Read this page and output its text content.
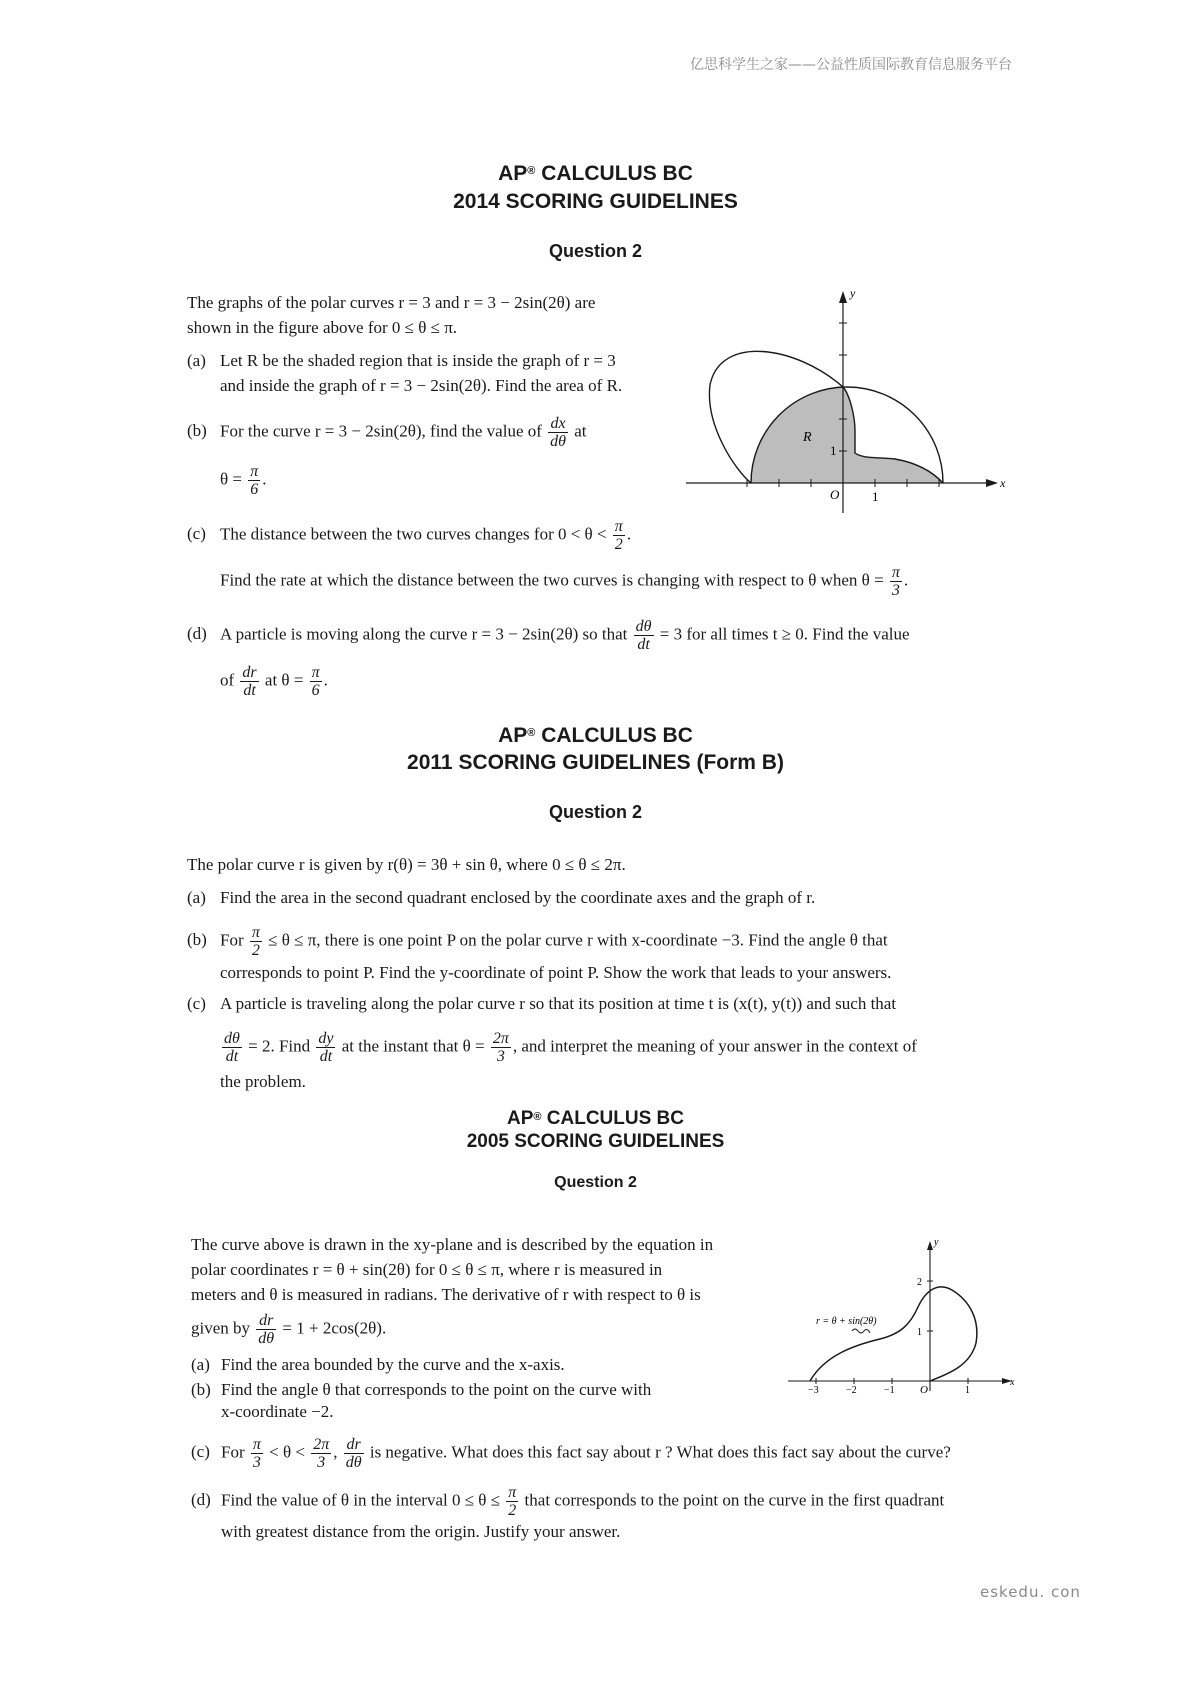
亿思科学生之家——公益性质国际教育信息服务平台
eskedu. con
AP® CALCULUS BC
2014 SCORING GUIDELINES
Question 2
The graphs of the polar curves r = 3 and r = 3 − 2sin(2θ) are
shown in the figure above for 0 ≤ θ ≤ π.
(a) Let R be the shaded region that is inside the graph of r = 3
and inside the graph of r = 3 − 2sin(2θ). Find the area of R.
(b) For the curve r = 3 − 2sin(2θ), find the value of $\frac{dx}{d\theta}$ at
$\theta = \frac{\pi}{6}$ .
(c) The distance between the two curves changes for $0 < \theta < \frac{\pi}{2}$ .
Find the rate at which the distance between the two curves is changing with respect to θ when $\theta = \frac{\pi}{3}$ .
(d) A particle is moving along the curve r = 3 − 2sin(2θ) so that $\frac{d\theta}{dt} = 3$ for all times t ≥ 0. Find the value
of $\frac{dr}{dt}$ at $\theta = \frac{\pi}{6}$ .
y
x
O	1
1
R
AP® CALCULUS BC
2011 SCORING GUIDELINES (Form B)
Question 2
The polar curve r is given by r(θ) = 3θ + sin θ, where 0 ≤ θ ≤ 2π.
(a) Find the area in the second quadrant enclosed by the coordinate axes and the graph of r.
(b) For $\frac{\pi}{2} \le \theta \le \pi$, there is one point P on the polar curve r with x-coordinate −3. Find the angle θ that
corresponds to point P. Find the y-coordinate of point P. Show the work that leads to your answers.
(c) A particle is traveling along the polar curve r so that its position at time t is (x(t), y(t)) and such that
$\frac{d\theta}{dt} = 2$. Find $\frac{dy}{dt}$ at the instant that $\theta = \frac{2\pi}{3}$ , and interpret the meaning of your answer in the context of
the problem.
AP® CALCULUS BC
2005 SCORING GUIDELINES
Question 2
The curve above is drawn in the xy-plane and is described by the equation in
polar coordinates r = θ + sin(2θ) for 0 ≤ θ ≤ π, where r is measured in
meters and θ is measured in radians. The derivative of r with respect to θ is
given by $\frac{dr}{d\theta} = 1 + 2\cos(2\theta)$.
(a) Find the area bounded by the curve and the x-axis.
(b) Find the angle θ that corresponds to the point on the curve with
x-coordinate −2.
(c) For $\frac{\pi}{3} < \theta < \frac{2\pi}{3}$ , $\frac{dr}{d\theta}$ is negative. What does this fact say about r ? What does this fact say about the curve?
(d) Find the value of θ in the interval $0 \le \theta \le \frac{\pi}{2}$ that corresponds to the point on the curve in the first quadrant
with greatest distance from the origin. Justify your answer.
y
x
O
−3	−2	−1	1
2
1
r = θ + sin(2θ)
